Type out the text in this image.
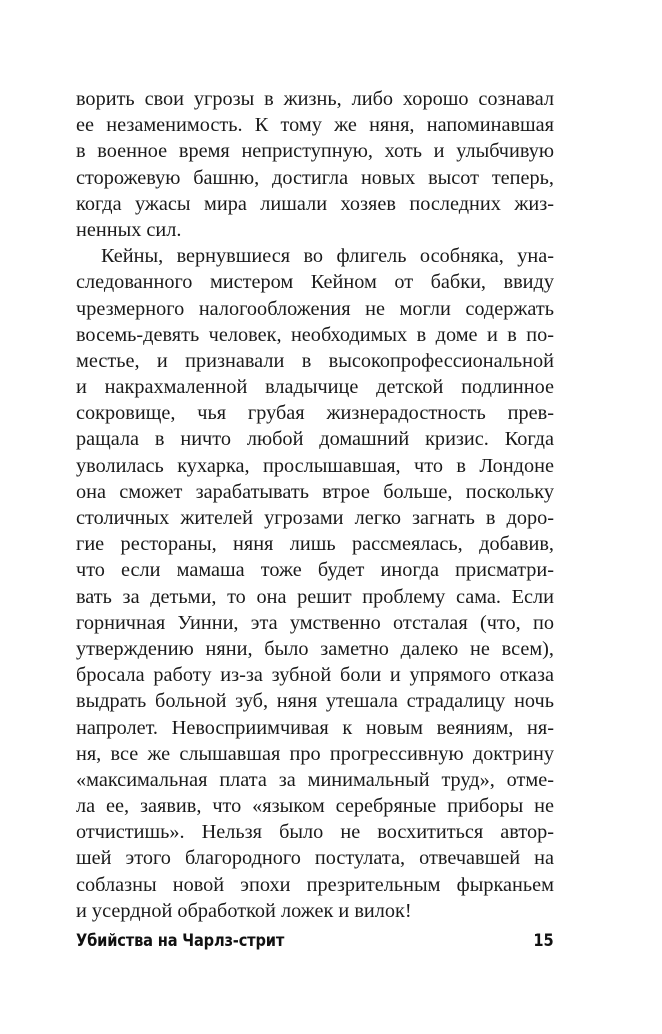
ворить свои угрозы в жизнь, либо хорошо сознавал
ее незаменимость. К тому же няня, напоминавшая
в военное время неприступную, хоть и улыбчивую
сторожевую башню, достигла новых высот теперь,
когда ужасы мира лишали хозяев последних жиз-
ненных сил.
Кейны, вернувшиеся во флигель особняка, уна-
следованного мистером Кейном от бабки, ввиду
чрезмерного налогообложения не могли содержать
восемь-девять человек, необходимых в доме и в по-
местье, и признавали в высокопрофессиональной
и накрахмаленной владычице детской подлинное
сокровище, чья грубая жизнерадостность прев-
ращала в ничто любой домашний кризис. Когда
уволилась кухарка, прослышавшая, что в Лондоне
она сможет зарабатывать втрое больше, поскольку
столичных жителей угрозами легко загнать в доро-
гие рестораны, няня лишь рассмеялась, добавив,
что если мамаша тоже будет иногда присматри-
вать за детьми, то она решит проблему сама. Если
горничная Уинни, эта умственно отсталая (что, по
утверждению няни, было заметно далеко не всем),
бросала работу из-за зубной боли и упрямого отказа
выдрать больной зуб, няня утешала страдалицу ночь
напролет. Невосприимчивая к новым веяниям, ня-
ня, все же слышавшая про прогрессивную доктрину
«максимальная плата за минимальный труд», отме-
ла ее, заявив, что «языком серебряные приборы не
отчистишь». Нельзя было не восхититься автор-
шей этого благородного постулата, отвечавшей на
соблазны новой эпохи презрительным фырканьем
и усердной обработкой ложек и вилок!
Убийства на Чарлз-стрит	15
